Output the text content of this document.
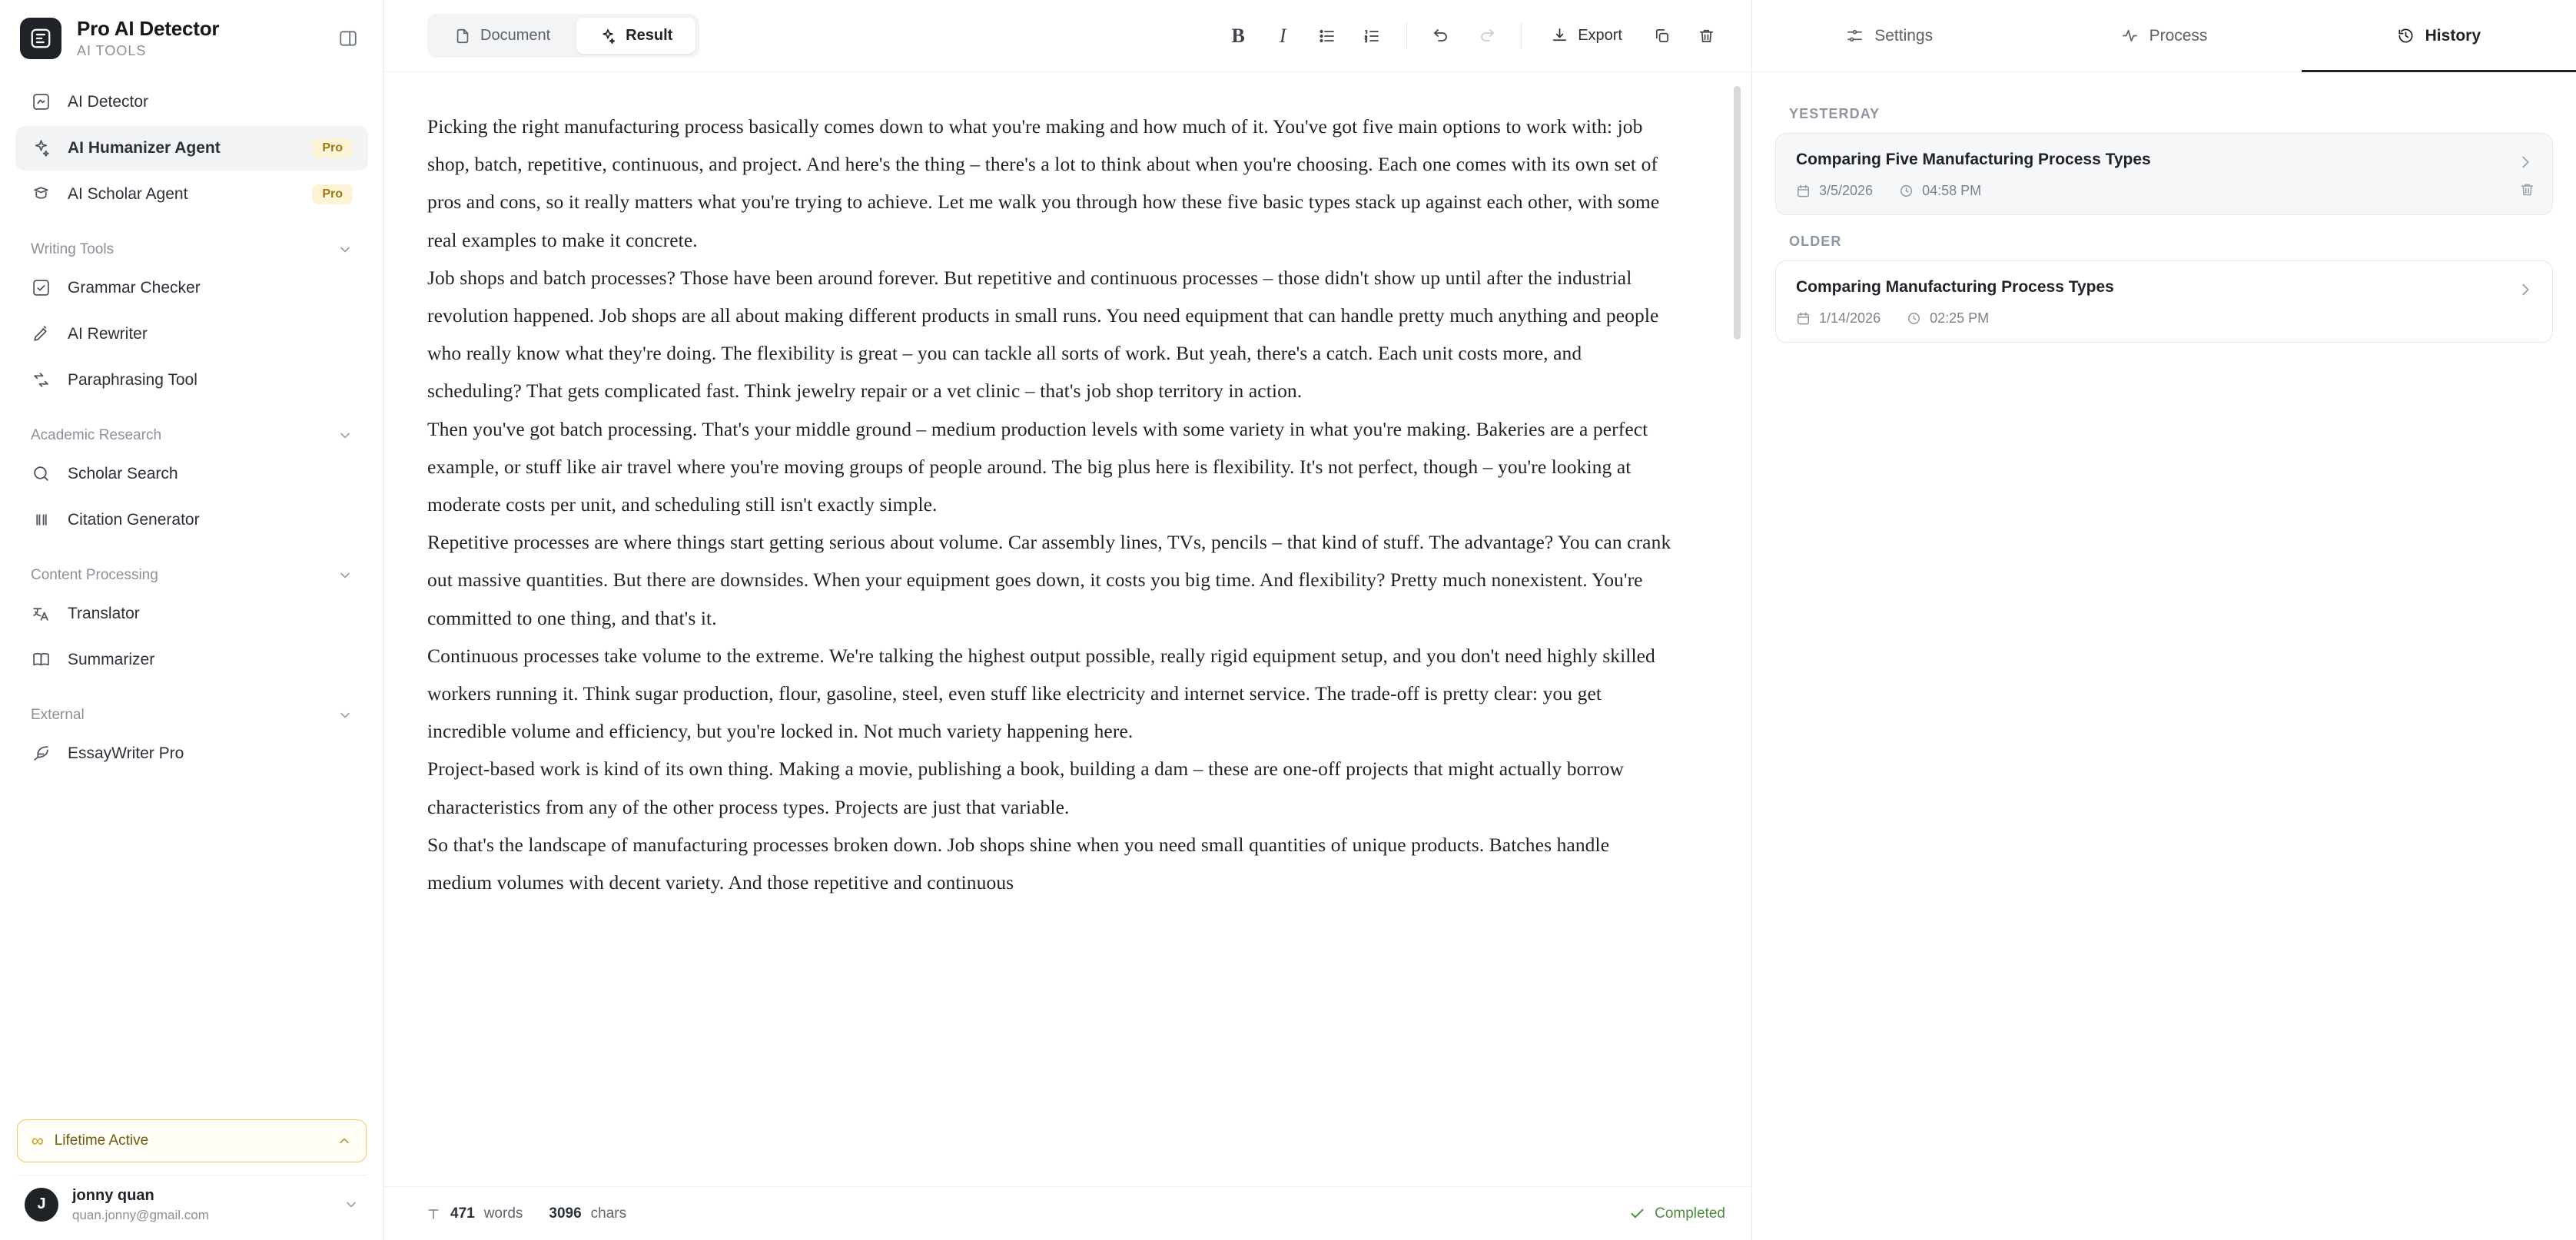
Pro AI Detector
AI TOOLS
AI Detector
AI Humanizer Agent	Pro
AI Scholar Agent	Pro
Writing Tools
Grammar Checker
AI Rewriter
Paraphrasing Tool
Academic Research
Scholar Search
Citation Generator
Content Processing
Translator
Summarizer
External
EssayWriter Pro
∞ Lifetime Active
J
jonny quan
quan.jonny@gmail.com
Document	Result	B I	Export

Picking the right manufacturing process basically comes down to what you're making and how much of it. You've got five main options to work with: job shop, batch, repetitive, continuous, and project. And here's the thing – there's a lot to think about when you're choosing. Each one comes with its own set of pros and cons, so it really matters what you're trying to achieve. Let me walk you through how these five basic types stack up against each other, with some real examples to make it concrete.

Job shops and batch processes? Those have been around forever. But repetitive and continuous processes – those didn't show up until after the industrial revolution happened. Job shops are all about making different products in small runs. You need equipment that can handle pretty much anything and people who really know what they're doing. The flexibility is great – you can tackle all sorts of work. But yeah, there's a catch. Each unit costs more, and scheduling? That gets complicated fast. Think jewelry repair or a vet clinic – that's job shop territory in action.

Then you've got batch processing. That's your middle ground – medium production levels with some variety in what you're making. Bakeries are a perfect example, or stuff like air travel where you're moving groups of people around. The big plus here is flexibility. It's not perfect, though – you're looking at moderate costs per unit, and scheduling still isn't exactly simple.

Repetitive processes are where things start getting serious about volume. Car assembly lines, TVs, pencils – that kind of stuff. The advantage? You can crank out massive quantities. But there are downsides. When your equipment goes down, it costs you big time. And flexibility? Pretty much nonexistent. You're committed to one thing, and that's it.

Continuous processes take volume to the extreme. We're talking the highest output possible, really rigid equipment setup, and you don't need highly skilled workers running it. Think sugar production, flour, gasoline, steel, even stuff like electricity and internet service. The trade-off is pretty clear: you get incredible volume and efficiency, but you're locked in. Not much variety happening here.

Project-based work is kind of its own thing. Making a movie, publishing a book, building a dam – these are one-off projects that might actually borrow characteristics from any of the other process types. Projects are just that variable.

So that's the landscape of manufacturing processes broken down. Job shops shine when you need small quantities of unique products. Batches handle medium volumes with decent variety. And those repetitive and continuous

471 words 3096 chars	Completed
Settings	Process	History
YESTERDAY
Comparing Five Manufacturing Process Types
3/5/2026	04:58 PM
OLDER
Comparing Manufacturing Process Types
1/14/2026	02:25 PM
